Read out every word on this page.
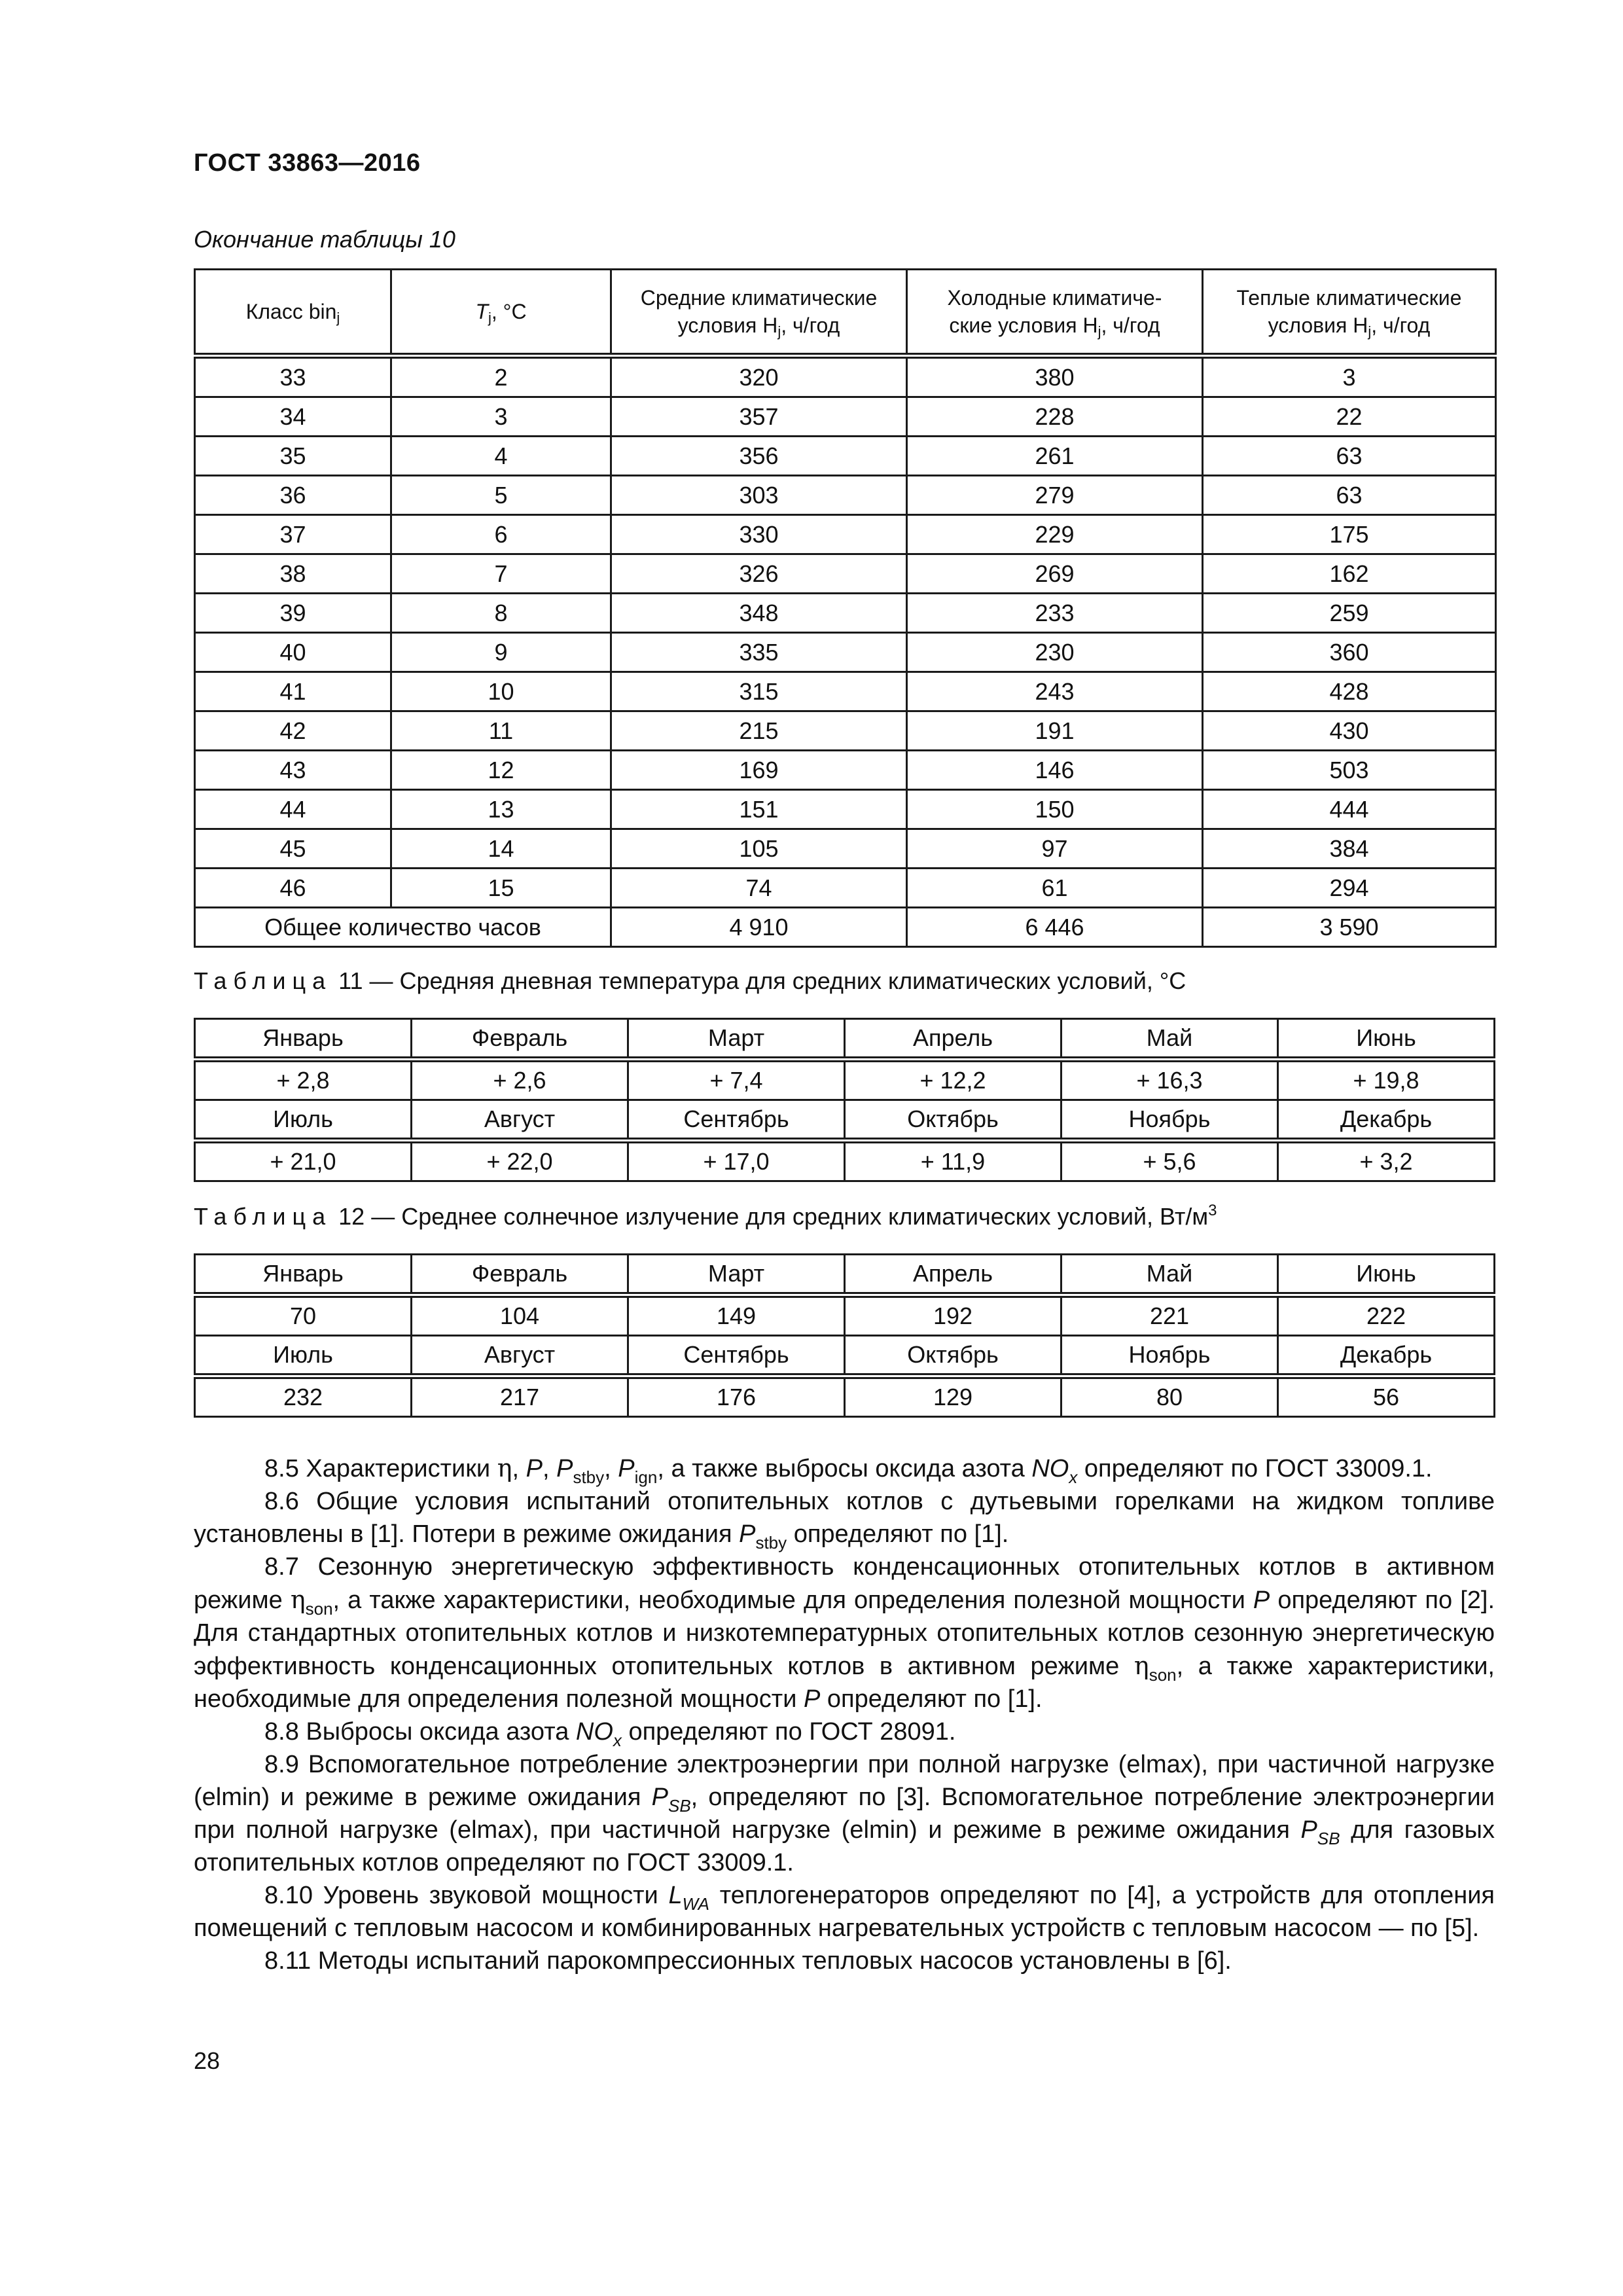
ГОСТ 33863—2016
Окончание таблицы 10
Класс bin$_j$	$T_j$, °C	Средние климатические условия $H_j$, ч/год	Холодные климатиче-ские условия $H_j$, ч/год	Теплые климатические условия $H_j$, ч/год
33	2	320	380	3
34	3	357	228	22
35	4	356	261	63
36	5	303	279	63
37	6	330	229	175
38	7	326	269	162
39	8	348	233	259
40	9	335	230	360
41	10	315	243	428
42	11	215	191	430
43	12	169	146	503
44	13	151	150	444
45	14	105	97	384
46	15	74	61	294
Общее количество часов		4 910	6 446	3 590
Таблица 11 — Средняя дневная температура для средних климатических условий, °C
Январь	Февраль	Март	Апрель	Май	Июнь
+ 2,8	+ 2,6	+ 7,4	+ 12,2	+ 16,3	+ 19,8
Июль	Август	Сентябрь	Октябрь	Ноябрь	Декабрь
+ 21,0	+ 22,0	+ 17,0	+ 11,9	+ 5,6	+ 3,2
Таблица 12 — Среднее солнечное излучение для средних климатических условий, $Вт/м^3$
Январь	Февраль	Март	Апрель	Май	Июнь
70	104	149	192	221	222
Июль	Август	Сентябрь	Октябрь	Ноябрь	Декабрь
232	217	176	129	80	56

8.5 Характеристики η, P, $P_{stby}$, $P_{ign}$, а также выбросы оксида азота $NO_x$ определяют по ГОСТ 33009.1.

8.6 Общие условия испытаний отопительных котлов с дутьевыми горелками на жидком топливе установлены в [1]. Потери в режиме ожидания $P_{stby}$ определяют по [1].

8.7 Сезонную энергетическую эффективность конденсационных отопительных котлов в активном режиме $\eta_{son}$, а также характеристики, необходимые для определения полезной мощности P определяют по [2]. Для стандартных отопительных котлов и низкотемпературных отопительных котлов сезонную энергетическую эффективность конденсационных отопительных котлов в активном режиме $\eta_{son}$, а также характеристики, необходимые для определения полезной мощности P определяют по [1].

8.8 Выбросы оксида азота $NO_x$ определяют по ГОСТ 28091.

8.9 Вспомогательное потребление электроэнергии при полной нагрузке (elmax), при частичной нагрузке (elmin) и режиме в режиме ожидания $P_{SB}$, определяют по [3]. Вспомогательное потребление электроэнергии при полной нагрузке (elmax), при частичной нагрузке (elmin) и режиме в режиме ожидания $P_{SB}$ для газовых отопительных котлов определяют по ГОСТ 33009.1.

8.10 Уровень звуковой мощности $L_{WA}$ теплогенераторов определяют по [4], а устройств для отопления помещений с тепловым насосом и комбинированных нагревательных устройств с тепловым насосом — по [5].

8.11 Методы испытаний парокомпрессионных тепловых насосов установлены в [6].

28
